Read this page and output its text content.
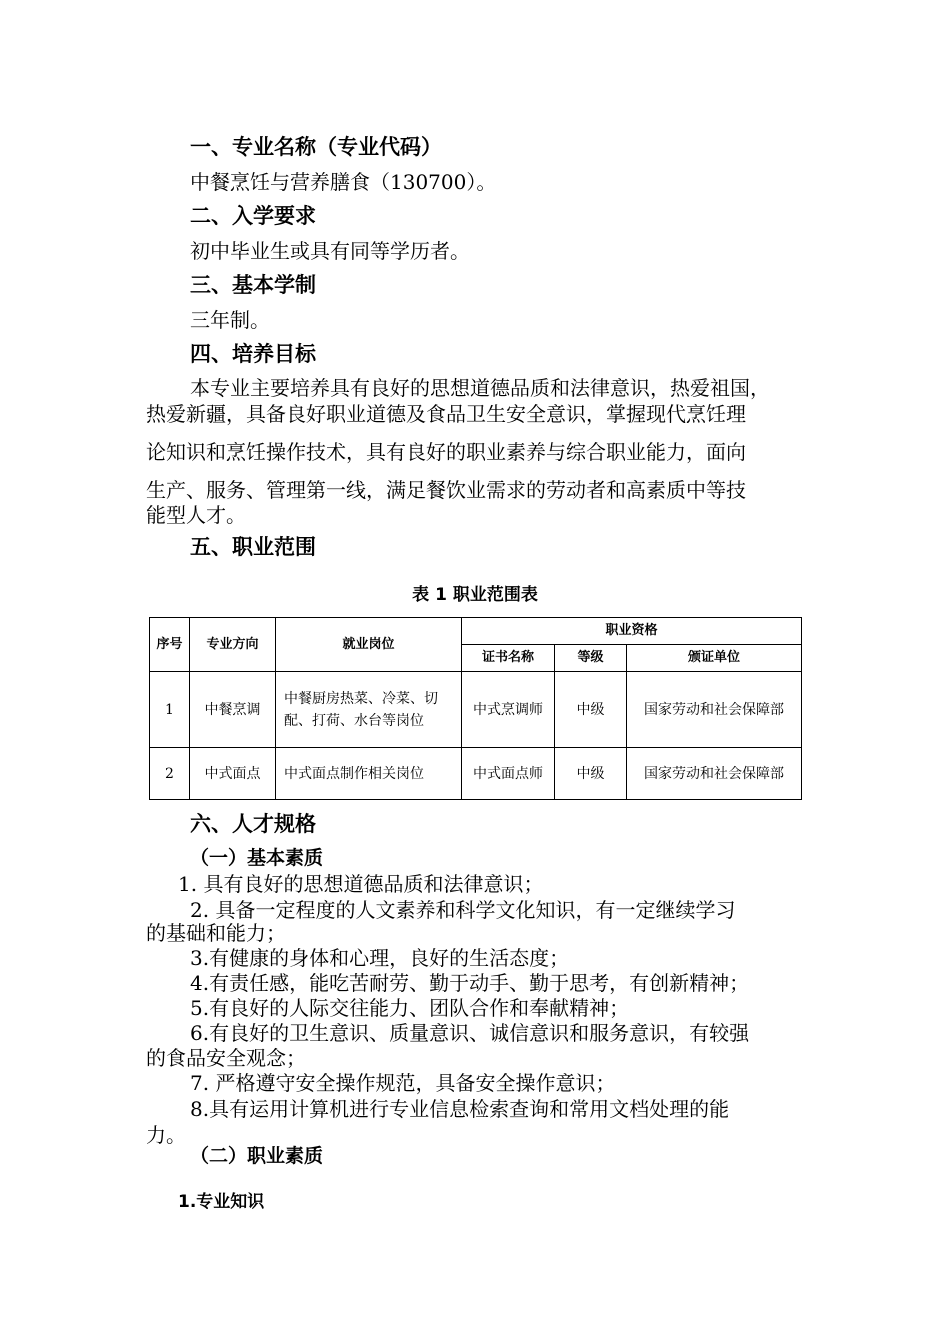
一、专业名称（专业代码）
中餐烹饪与营养膳食（130700）。
二、入学要求
初中毕业生或具有同等学历者。
三、基本学制
三年制。
四、培养目标
本专业主要培养具有良好的思想道德品质和法律意识，热爱祖国，
热爱新疆，具备良好职业道德及食品卫生安全意识，掌握现代烹饪理
论知识和烹饪操作技术，具有良好的职业素养与综合职业能力，面向
生产、服务、管理第一线，满足餐饮业需求的劳动者和高素质中等技
能型人才。
五、职业范围
表 1 职业范围表
序号	专业方向	就业岗位	职业资格		
			证书名称	等级	颁证单位
1	中餐烹调	中餐厨房热菜、冷菜、切配、打荷、水台等岗位	中式烹调师	中级	国家劳动和社会保障部
2	中式面点	中式面点制作相关岗位	中式面点师	中级	国家劳动和社会保障部
六、人才规格
（一）基本素质
1. 具有良好的思想道德品质和法律意识；
2. 具备一定程度的人文素养和科学文化知识，有一定继续学习
的基础和能力；
3.有健康的身体和心理，良好的生活态度；
4.有责任感，能吃苦耐劳、勤于动手、勤于思考，有创新精神；
5.有良好的人际交往能力、团队合作和奉献精神；
6.有良好的卫生意识、质量意识、诚信意识和服务意识，有较强
的食品安全观念；
7. 严格遵守安全操作规范，具备安全操作意识；
8.具有运用计算机进行专业信息检索查询和常用文档处理的能
力。
（二）职业素质
1.专业知识
